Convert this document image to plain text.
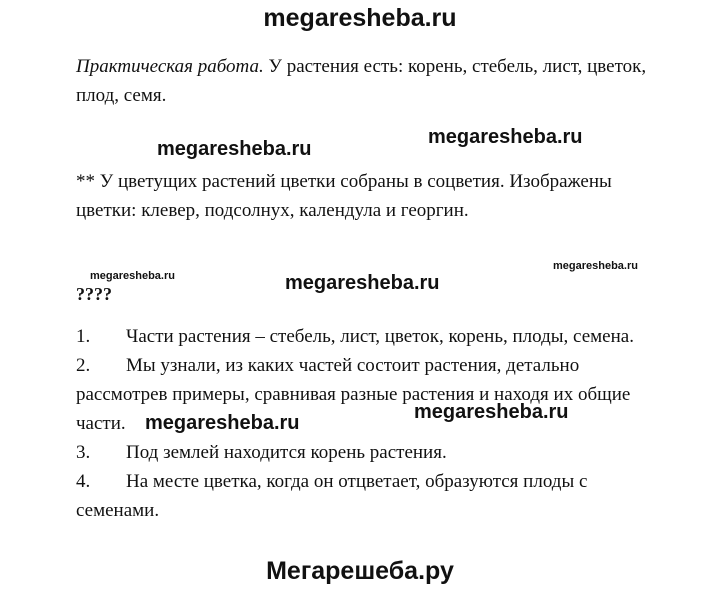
megaresheba.ru
Практическая работа. У растения есть: корень, стебель, лист, цветок,
плод, семя.
megaresheba.ru
megaresheba.ru
** У цветущих растений цветки собраны в соцветия. Изображены
цветки: клевер, подсолнух, календула и георгин.
megaresheba.ru	megaresheba.ru
megaresheba.ru
????
1. Части растения – стебель, лист, цветок, корень, плоды, семена.
2. Мы узнали, из каких частей состоит растения, детально
рассмотрев примеры, сравнивая разные растения и находя их общие
части. megaresheba.ru	megaresheba.ru
3. Под землей находится корень растения.
4. На месте цветка, когда он отцветает, образуются плоды с
семенами.
Мегарешеба.ру
